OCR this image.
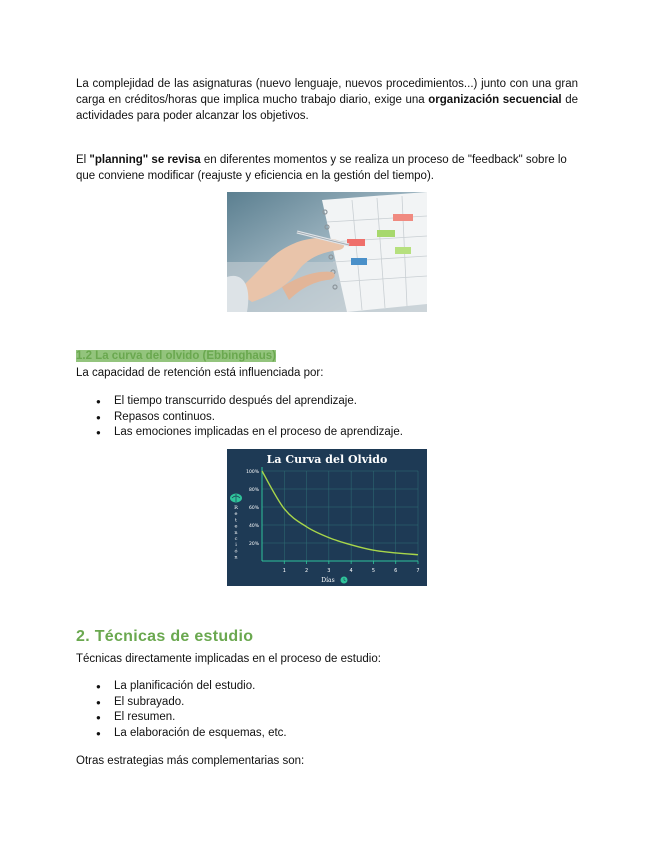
La complejidad de las asignaturas (nuevo lenguaje, nuevos procedimientos...) junto con una gran carga en créditos/horas que implica mucho trabajo diario, exige una organización secuencial de actividades para poder alcanzar los objetivos.

El "planning" se revisa en diferentes momentos y se realiza un proceso de "feedback" sobre lo que conviene modificar (reajuste y eficiencia en la gestión del tiempo).

1.2 La curva del olvido (Ebbinghaus)

La capacidad de retención está influenciada por:

● El tiempo transcurrido después del aprendizaje.
● Repasos continuos.
● Las emociones implicadas en el proceso de aprendizaje.
La Curva del Olvido
R
e
t
e
n
c
i
ó
n
100%
80%
60%
40%
20%
1	2	3	4	5	6	7
Días
2. Técnicas de estudio

Técnicas directamente implicadas en el proceso de estudio:

● La planificación del estudio.
● El subrayado.
● El resumen.
● La elaboración de esquemas, etc.

Otras estrategias más complementarias son:
